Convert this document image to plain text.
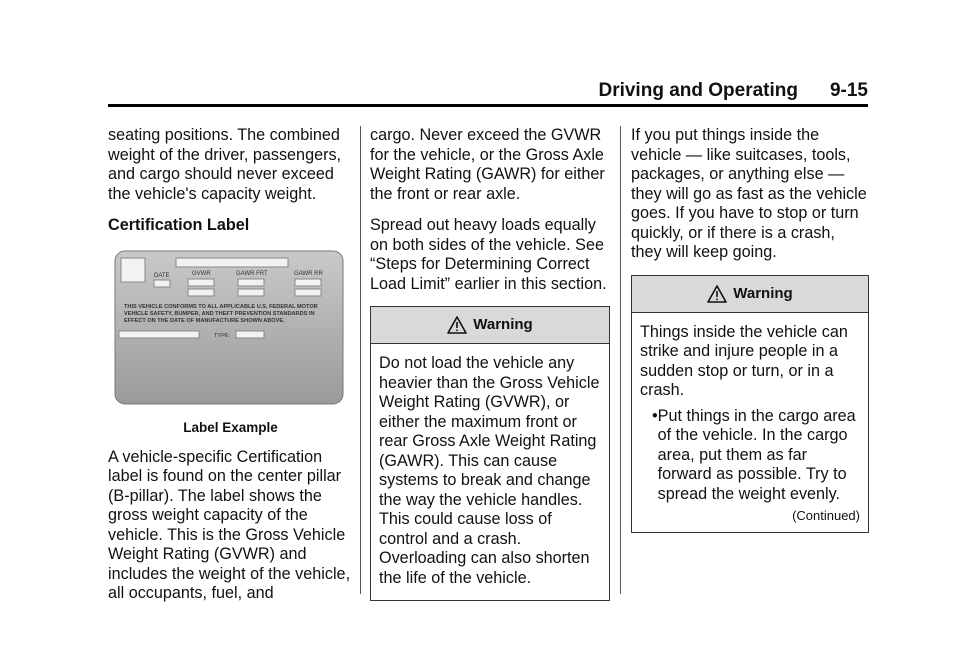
Driving and Operating 9-15

seating positions. The combined weight of the driver, passengers, and cargo should never exceed the vehicle's capacity weight.

Certification Label

DATE	GVWR	GAWR FRT	GAWR RR
THIS VEHICLE CONFORMS TO ALL APPLICABLE U.S. FEDERAL MOTOR
VEHICLE SAFETY, BUMPER, AND THEFT PREVENTION STANDARDS IN
EFFECT ON THE DATE OF MANUFACTURE SHOWN ABOVE.
TYPE:

Label Example

A vehicle-specific Certification label is found on the center pillar (B-pillar). The label shows the gross weight capacity of the vehicle. This is the Gross Vehicle Weight Rating (GVWR) and includes the weight of the vehicle, all occupants, fuel, and

cargo. Never exceed the GVWR for the vehicle, or the Gross Axle Weight Rating (GAWR) for either the front or rear axle.

Spread out heavy loads equally on both sides of the vehicle. See “Steps for Determining Correct Load Limit” earlier in this section.

Warning

Do not load the vehicle any heavier than the Gross Vehicle Weight Rating (GVWR), or either the maximum front or rear Gross Axle Weight Rating (GAWR). This can cause systems to break and change the way the vehicle handles. This could cause loss of control and a crash. Overloading can also shorten the life of the vehicle.

If you put things inside the vehicle — like suitcases, tools, packages, or anything else — they will go as fast as the vehicle goes. If you have to stop or turn quickly, or if there is a crash, they will keep going.

Warning

Things inside the vehicle can strike and injure people in a sudden stop or turn, or in a crash.

• Put things in the cargo area of the vehicle. In the cargo area, put them as far forward as possible. Try to spread the weight evenly.
(Continued)
